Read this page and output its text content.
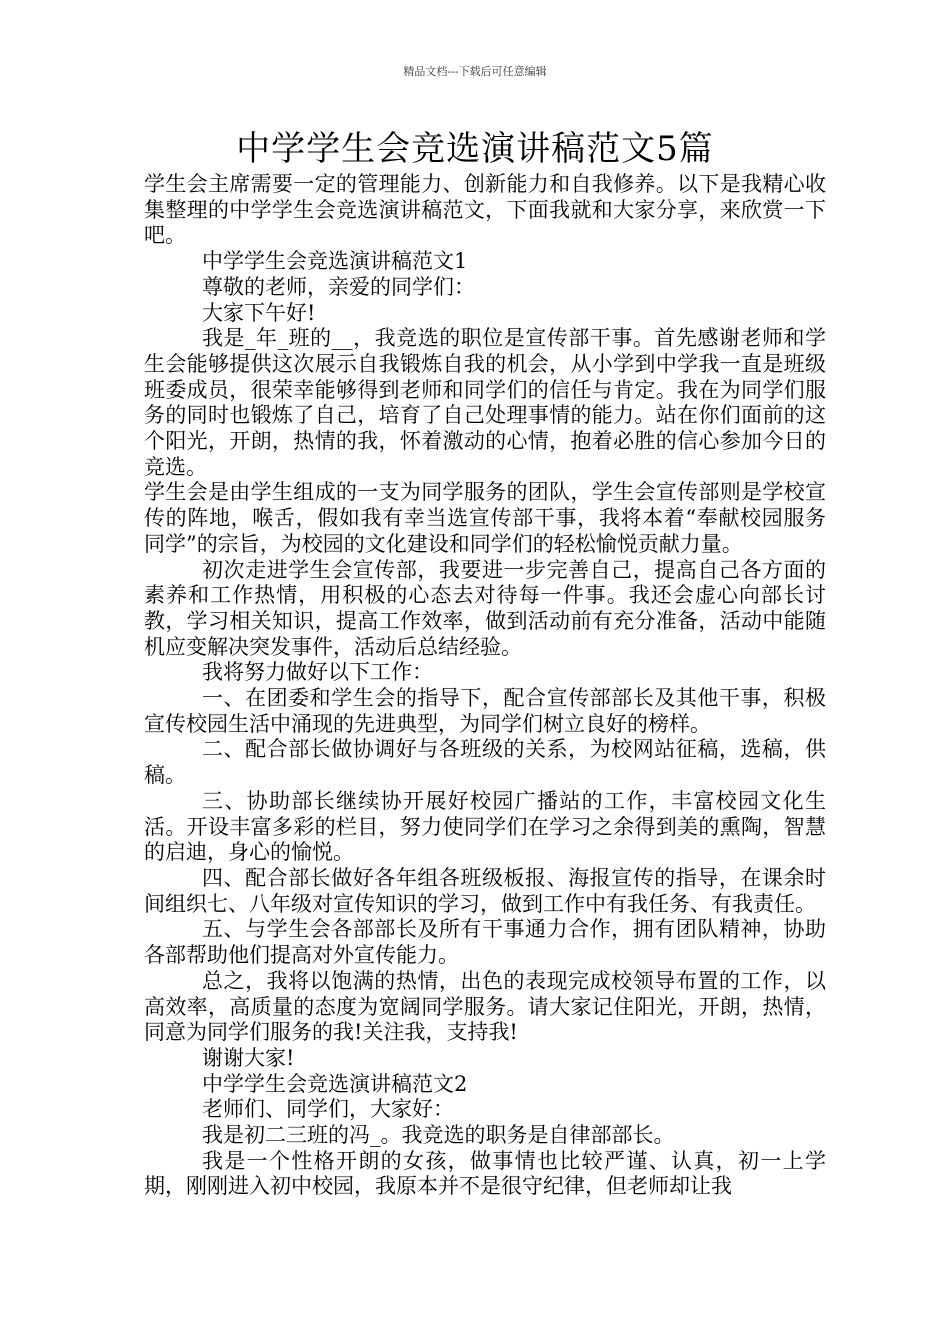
精品文档---下载后可任意编辑
中学学生会竞选演讲稿范文5篇

学生会主席需要一定的管理能力、创新能力和自我修养。以下是我精心收集整理的中学学生会竞选演讲稿范文，下面我就和大家分享，来欣赏一下吧。

中学学生会竞选演讲稿范文1

尊敬的老师，亲爱的同学们：

大家下午好!

我是_年_班的__，我竞选的职位是宣传部干事。首先感谢老师和学生会能够提供这次展示自我锻炼自我的机会，从小学到中学我一直是班级班委成员，很荣幸能够得到老师和同学们的信任与肯定。我在为同学们服务的同时也锻炼了自己，培育了自己处理事情的能力。站在你们面前的这个阳光，开朗，热情的我，怀着激动的心情，抱着必胜的信心参加今日的竞选。

学生会是由学生组成的一支为同学服务的团队，学生会宣传部则是学校宣传的阵地，喉舌，假如我有幸当选宣传部干事，我将本着“奉献校园服务同学”的宗旨，为校园的文化建设和同学们的轻松愉悦贡献力量。

初次走进学生会宣传部，我要进一步完善自己，提高自己各方面的素养和工作热情，用积极的心态去对待每一件事。我还会虚心向部长讨教，学习相关知识，提高工作效率，做到活动前有充分准备，活动中能随机应变解决突发事件，活动后总结经验。

我将努力做好以下工作：

一、在团委和学生会的指导下，配合宣传部部长及其他干事，积极宣传校园生活中涌现的先进典型，为同学们树立良好的榜样。

二、配合部长做协调好与各班级的关系，为校网站征稿，选稿，供稿。

三、协助部长继续协开展好校园广播站的工作，丰富校园文化生活。开设丰富多彩的栏目，努力使同学们在学习之余得到美的熏陶，智慧的启迪，身心的愉悦。

四、配合部长做好各年组各班级板报、海报宣传的指导，在课余时间组织七、八年级对宣传知识的学习，做到工作中有我任务、有我责任。

五、与学生会各部部长及所有干事通力合作，拥有团队精神，协助各部帮助他们提高对外宣传能力。

总之，我将以饱满的热情，出色的表现完成校领导布置的工作，以高效率，高质量的态度为宽阔同学服务。请大家记住阳光，开朗，热情，同意为同学们服务的我!关注我，支持我!

谢谢大家!

中学学生会竞选演讲稿范文2

老师们、同学们，大家好：

我是初二三班的冯_。我竞选的职务是自律部部长。

我是一个性格开朗的女孩，做事情也比较严谨、认真，初一上学期，刚刚进入初中校园，我原本并不是很守纪律，但老师却让我
